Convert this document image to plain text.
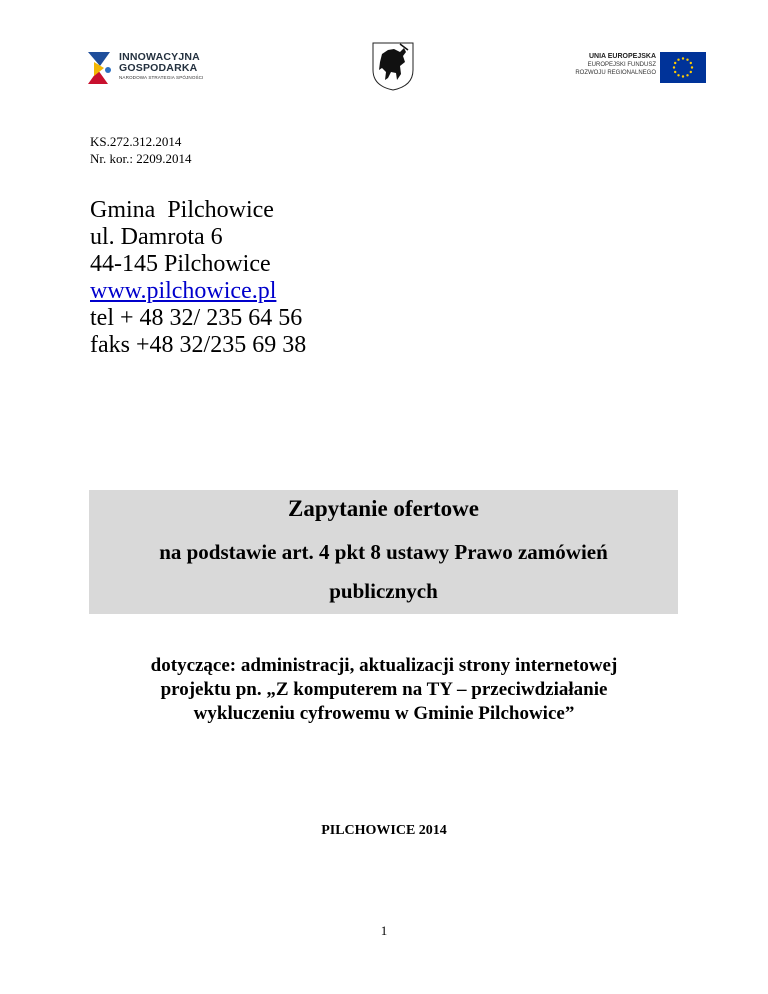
INNOWACYJNA
GOSPODARKA
NARODOWA STRATEGIA SPÓJNOŚCI
UNIA EUROPEJSKA
EUROPEJSKI FUNDUSZ
ROZWOJU REGIONALNEGO
KS.272.312.2014
Nr. kor.: 2209.2014
Gmina  Pilchowice
ul. Damrota 6
44-145 Pilchowice
www.pilchowice.pl
tel + 48 32/ 235 64 56
faks +48 32/235 69 38
Zapytanie ofertowe
na podstawie art. 4 pkt 8 ustawy Prawo zamówień
publicznych
dotyczące: administracji, aktualizacji strony internetowej
projektu pn. „Z komputerem na TY – przeciwdziałanie
wykluczeniu cyfrowemu w Gminie Pilchowice”
PILCHOWICE 2014
1
